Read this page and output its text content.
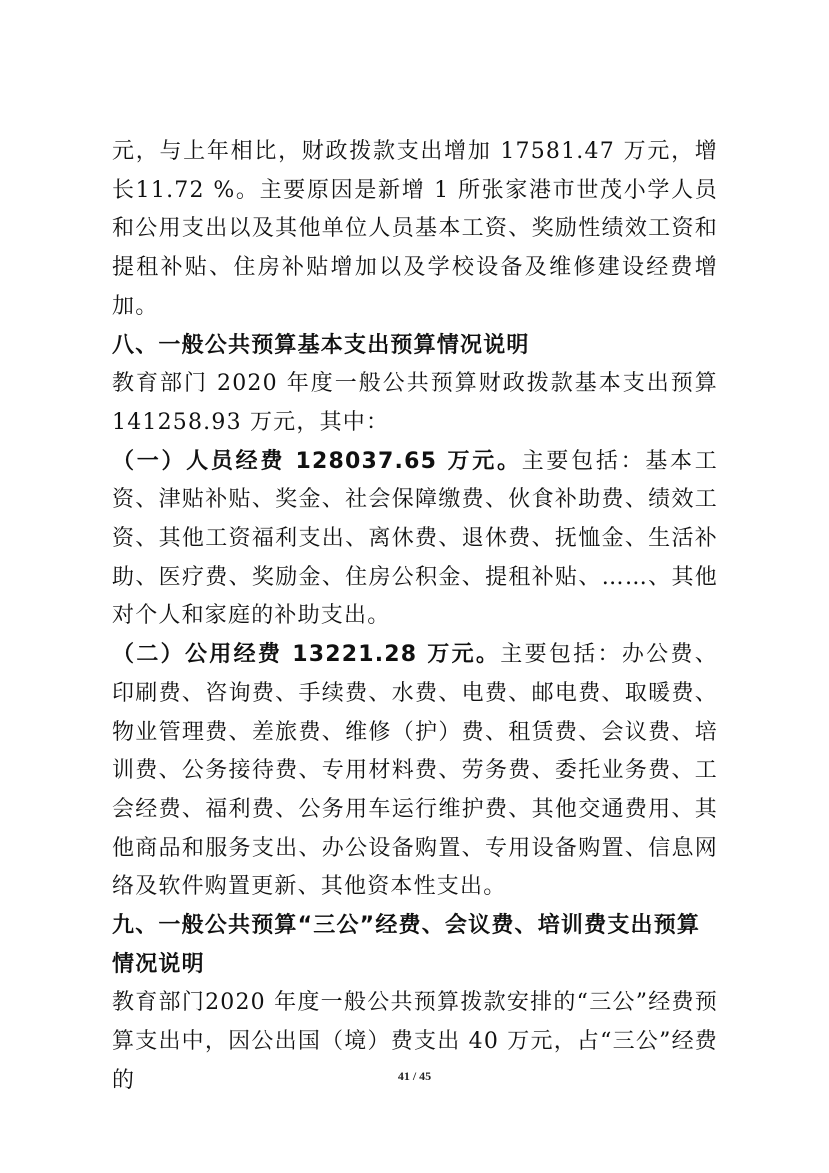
元，与上年相比，财政拨款支出增加 17581.47 万元，增长11.72 %。主要原因是新增 1 所张家港市世茂小学人员和公用支出以及其他单位人员基本工资、奖励性绩效工资和提租补贴、住房补贴增加以及学校设备及维修建设经费增加。

八、一般公共预算基本支出预算情况说明

教育部门 2020 年度一般公共预算财政拨款基本支出预算141258.93 万元，其中：

（一）人员经费 128037.65 万元。主要包括：基本工资、津贴补贴、奖金、社会保障缴费、伙食补助费、绩效工资、其他工资福利支出、离休费、退休费、抚恤金、生活补助、医疗费、奖励金、住房公积金、提租补贴、……、其他对个人和家庭的补助支出。

（二）公用经费 13221.28 万元。主要包括：办公费、印刷费、咨询费、手续费、水费、电费、邮电费、取暖费、物业管理费、差旅费、维修（护）费、租赁费、会议费、培训费、公务接待费、专用材料费、劳务费、委托业务费、工会经费、福利费、公务用车运行维护费、其他交通费用、其他商品和服务支出、办公设备购置、专用设备购置、信息网络及软件购置更新、其他资本性支出。

九、一般公共预算“三公”经费、会议费、培训费支出预算情况说明

教育部门2020 年度一般公共预算拨款安排的“三公”经费预算支出中，因公出国（境）费支出 40 万元，占“三公”经费的	41 / 45
